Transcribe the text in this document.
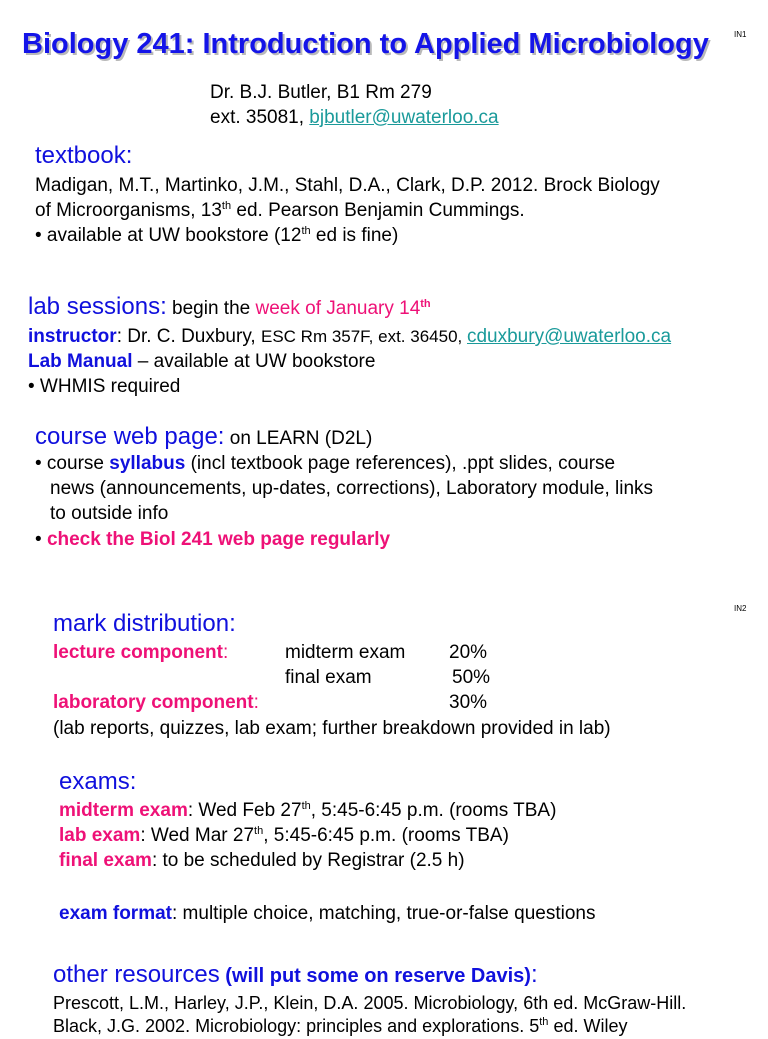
Biology 241: Introduction to Applied Microbiology	IN1
Dr. B.J. Butler, B1 Rm 279
ext. 35081, bjbutler@uwaterloo.ca
textbook:
Madigan, M.T., Martinko, J.M., Stahl, D.A., Clark, D.P. 2012. Brock Biology
of Microorganisms, 13th ed. Pearson Benjamin Cummings.
• available at UW bookstore (12th ed is fine)
lab sessions: begin the week of January 14th
instructor: Dr. C. Duxbury, ESC Rm 357F, ext. 36450, cduxbury@uwaterloo.ca
Lab Manual – available at UW bookstore
• WHMIS required
course web page: on LEARN (D2L)
• course syllabus (incl textbook page references), .ppt slides, course
news (announcements, up-dates, corrections), Laboratory module, links
to outside info
• check the Biol 241 web page regularly
IN2
mark distribution:
lecture component:	midterm exam 20%
final exam	50%
laboratory component:	30%
(lab reports, quizzes, lab exam; further breakdown provided in lab)
exams:
midterm exam: Wed Feb 27th, 5:45-6:45 p.m. (rooms TBA)
lab exam: Wed Mar 27th, 5:45-6:45 p.m. (rooms TBA)
final exam: to be scheduled by Registrar (2.5 h)
exam format: multiple choice, matching, true-or-false questions
other resources (will put some on reserve Davis):
Prescott, L.M., Harley, J.P., Klein, D.A. 2005. Microbiology, 6th ed. McGraw-Hill.
Black, J.G. 2002. Microbiology: principles and explorations. 5th ed. Wiley
